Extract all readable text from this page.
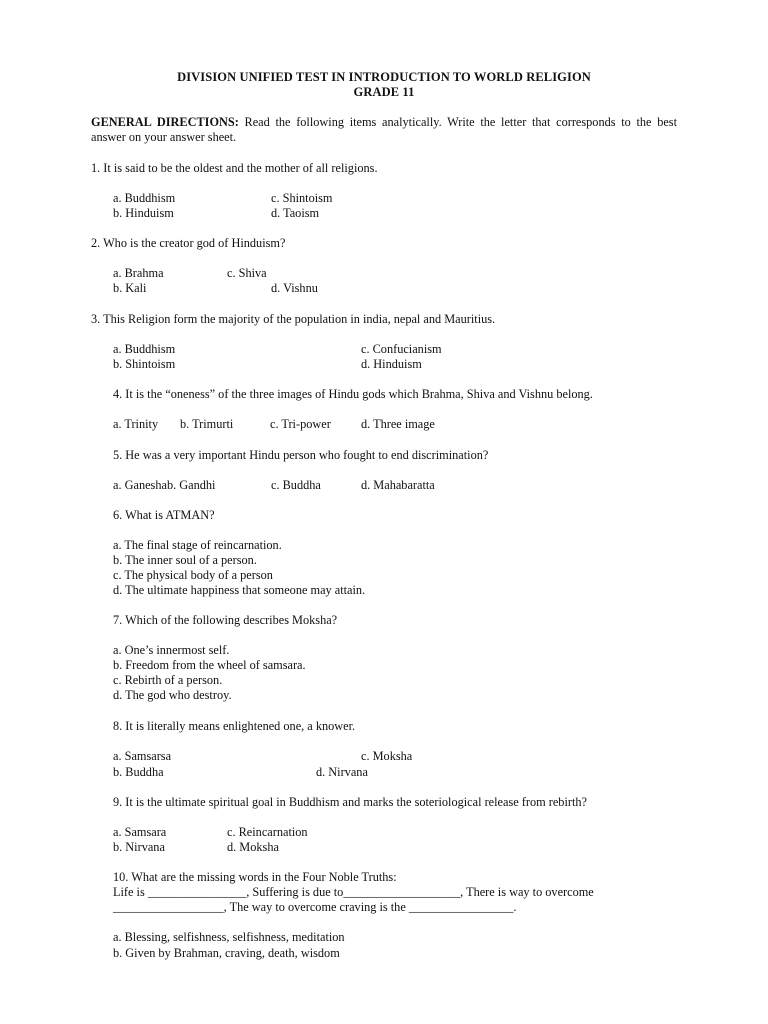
DIVISION UNIFIED TEST IN INTRODUCTION TO WORLD RELIGION
GRADE 11
GENERAL DIRECTIONS: Read the following items analytically. Write the letter that corresponds to the best answer on your answer sheet.
1. It is said to be the oldest and the mother of all religions.
a. Buddhism	c. Shintoism
b. Hinduism	d. Taoism
2. Who is the creator god of Hinduism?
a. Brahma	c. Shiva
b. Kali	d. Vishnu
3. This Religion form the majority of the population in india, nepal and Mauritius.
a. Buddhism	c. Confucianism
b. Shintoism	d. Hinduism
4. It is the “oneness” of the three images of Hindu gods which Brahma, Shiva and Vishnu belong.
a. Trinity b. Trimurti	c. Tri-power d. Three image
5. He was a very important Hindu person who fought to end discrimination?
a. Ganeshab. Gandhi	c. Buddha	d. Mahabaratta
6. What is ATMAN?
a. The final stage of reincarnation.
b. The inner soul of a person.
c. The physical body of a person
d. The ultimate happiness that someone may attain.
7. Which of the following describes Moksha?
a. One’s innermost self.
b. Freedom from the wheel of samsara.
c. Rebirth of a person.
d. The god who destroy.
8. It is literally means enlightened one, a knower.
a. Samsarsa	c. Moksha
b. Buddha	d. Nirvana
9. It is the ultimate spiritual goal in Buddhism and marks the soteriological release from rebirth?
a. Samsara	c. Reincarnation
b. Nirvana	d. Moksha
10. What are the missing words in the Four Noble Truths:
Life is ________________, Suffering is due to___________________, There is way to overcome
__________________, The way to overcome craving is the _________________.
a. Blessing, selfishness, selfishness, meditation
b. Given by Brahman, craving, death, wisdom
